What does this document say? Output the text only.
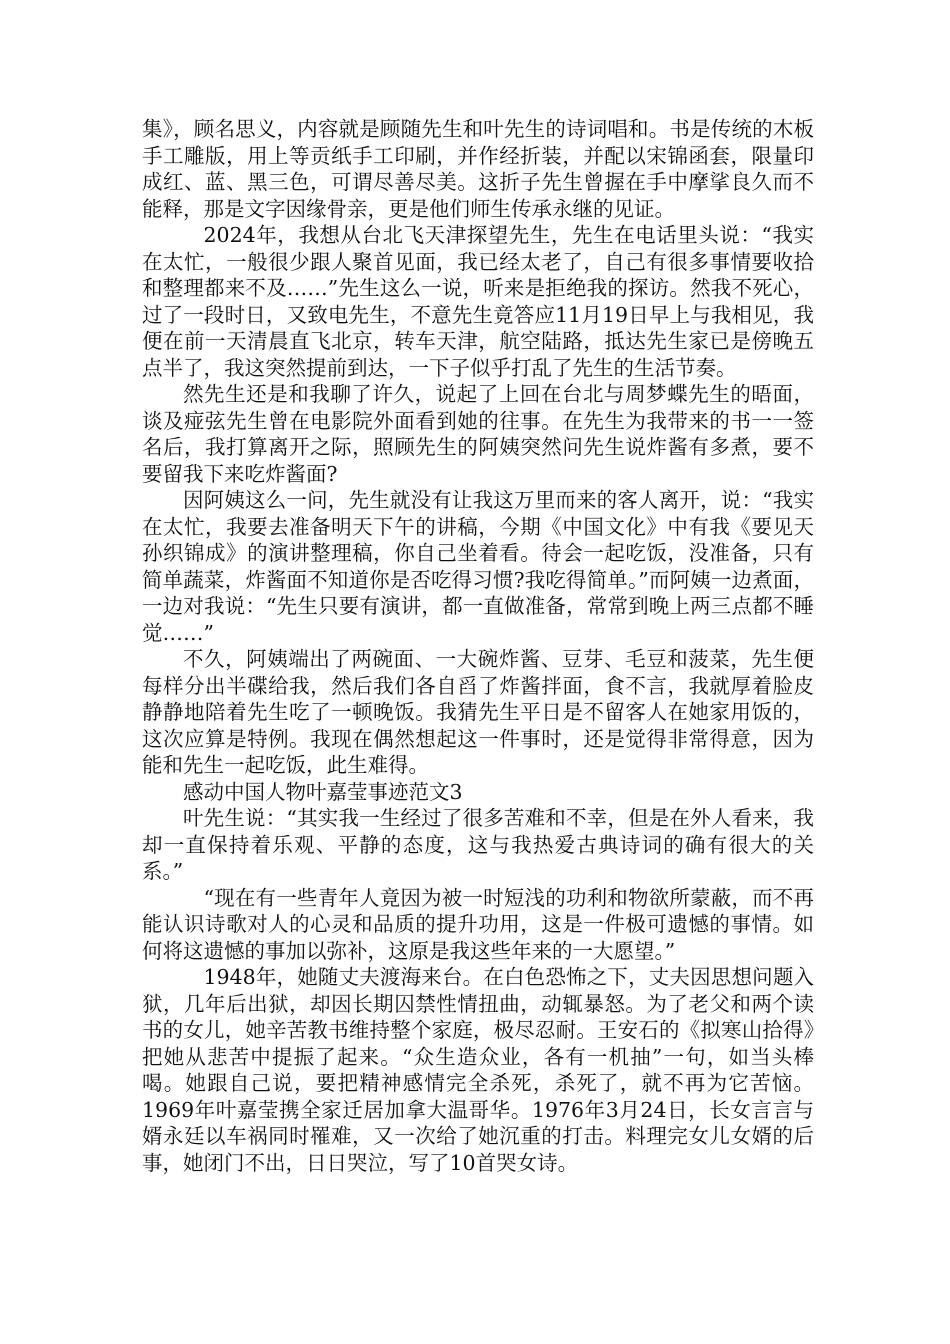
集》，顾名思义，内容就是顾随先生和叶先生的诗词唱和。书是传统的木板手工雕版，用上等贡纸手工印刷，并作经折装，并配以宋锦函套，限量印成红、蓝、黑三色，可谓尽善尽美。这折子先生曾握在手中摩挲良久而不能释，那是文字因缘骨亲，更是他们师生传承永继的见证。

2024年，我想从台北飞天津探望先生，先生在电话里头说：“我实在太忙，一般很少跟人聚首见面，我已经太老了，自己有很多事情要收拾和整理都来不及……”先生这么一说，听来是拒绝我的探访。然我不死心，过了一段时日，又致电先生，不意先生竟答应11月19日早上与我相见，我便在前一天清晨直飞北京，转车天津，航空陆路，抵达先生家已是傍晚五点半了，我这突然提前到达，一下子似乎打乱了先生的生活节奏。

然先生还是和我聊了许久，说起了上回在台北与周梦蝶先生的晤面，谈及痖弦先生曾在电影院外面看到她的往事。在先生为我带来的书一一签名后，我打算离开之际，照顾先生的阿姨突然问先生说炸酱有多煮，要不要留我下来吃炸酱面?

因阿姨这么一问，先生就没有让我这万里而来的客人离开，说：“我实在太忙，我要去准备明天下午的讲稿，今期《中国文化》中有我《要见天孙织锦成》的演讲整理稿，你自己坐着看。待会一起吃饭，没准备，只有简单蔬菜，炸酱面不知道你是否吃得习惯?我吃得简单。”而阿姨一边煮面，一边对我说：“先生只要有演讲，都一直做准备，常常到晚上两三点都不睡觉……”

不久，阿姨端出了两碗面、一大碗炸酱、豆芽、毛豆和菠菜，先生便每样分出半碟给我，然后我们各自舀了炸酱拌面，食不言，我就厚着脸皮静静地陪着先生吃了一顿晚饭。我猜先生平日是不留客人在她家用饭的，这次应算是特例。我现在偶然想起这一件事时，还是觉得非常得意，因为能和先生一起吃饭，此生难得。

感动中国人物叶嘉莹事迹范文3

叶先生说：“其实我一生经过了很多苦难和不幸，但是在外人看来，我却一直保持着乐观、平静的态度，这与我热爱古典诗词的确有很大的关系。”

“现在有一些青年人竟因为被一时短浅的功利和物欲所蒙蔽，而不再能认识诗歌对人的心灵和品质的提升功用，这是一件极可遗憾的事情。如何将这遗憾的事加以弥补，这原是我这些年来的一大愿望。”

1948年，她随丈夫渡海来台。在白色恐怖之下，丈夫因思想问题入狱，几年后出狱，却因长期囚禁性情扭曲，动辄暴怒。为了老父和两个读书的女儿，她辛苦教书维持整个家庭，极尽忍耐。王安石的《拟寒山拾得》把她从悲苦中提振了起来。“众生造众业，各有一机抽”一句，如当头棒喝。她跟自己说，要把精神感情完全杀死，杀死了，就不再为它苦恼。1969年叶嘉莹携全家迁居加拿大温哥华。1976年3月24日，长女言言与婿永廷以车祸同时罹难，又一次给了她沉重的打击。料理完女儿女婿的后事，她闭门不出，日日哭泣，写了10首哭女诗。
